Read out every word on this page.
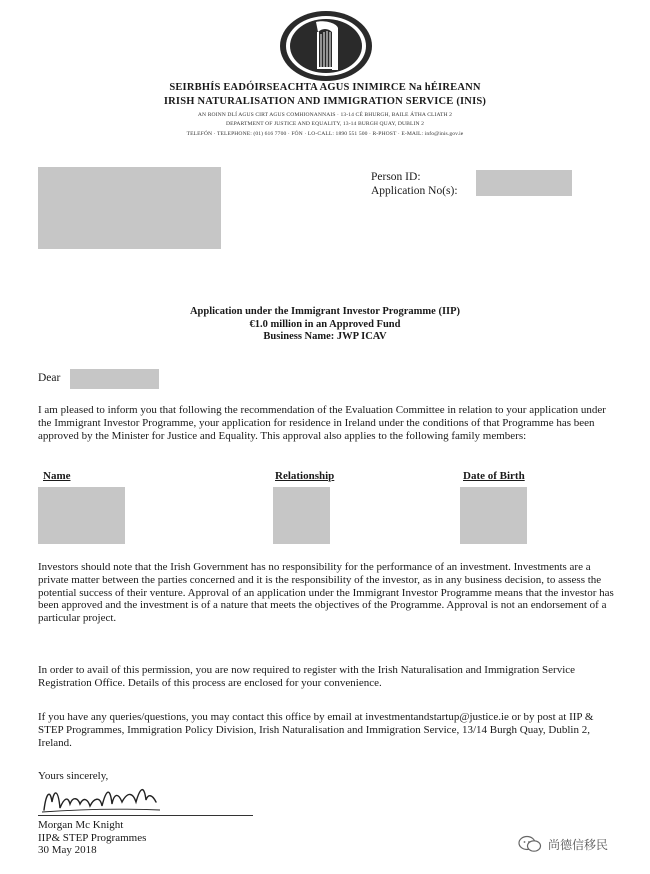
SEIRBHÍS EADÓIRSEACHTA AGUS INIMIRCE Na hÉIREANN
IRISH NATURALISATION AND IMMIGRATION SERVICE (INIS)
AN ROINN DLÍ AGUS CIRT AGUS COMHIONANNAIS · 13-14 CÉ BHURGH, BAILE ÁTHA CLIATH 2
DEPARTMENT OF JUSTICE AND EQUALITY, 13-14 BURGH QUAY, DUBLIN 2
TELEFÓN · TELEPHONE: (01) 616 7700 · FÓN · LO-CALL: 1890 551 500 · R-PHOST · E-MAIL: info@inis.gov.ie
Person ID:
Application No(s):
Application under the Immigrant Investor Programme (IIP)
€1.0 million in an Approved Fund
Business Name: JWP ICAV
Dear
I am pleased to inform you that following the recommendation of the Evaluation Committee in relation to your application under the Immigrant Investor Programme, your application for residence in Ireland under the conditions of that Programme has been approved by the Minister for Justice and Equality. This approval also applies to the following family members:
Name	Relationship	Date of Birth
Investors should note that the Irish Government has no responsibility for the performance of an investment. Investments are a private matter between the parties concerned and it is the responsibility of the investor, as in any business decision, to assess the potential success of their venture. Approval of an application under the Immigrant Investor Programme means that the investor has been approved and the investment is of a nature that meets the objectives of the Programme. Approval is not an endorsement of a particular project.
In order to avail of this permission, you are now required to register with the Irish Naturalisation and Immigration Service Registration Office. Details of this process are enclosed for your convenience.
If you have any queries/questions, you may contact this office by email at investmentandstartup@justice.ie or by post at IIP & STEP Programmes, Immigration Policy Division, Irish Naturalisation and Immigration Service, 13/14 Burgh Quay, Dublin 2, Ireland.
Yours sincerely,
Morgan Mc Knight
IIP& STEP Programmes
30 May 2018	尚德信移民
